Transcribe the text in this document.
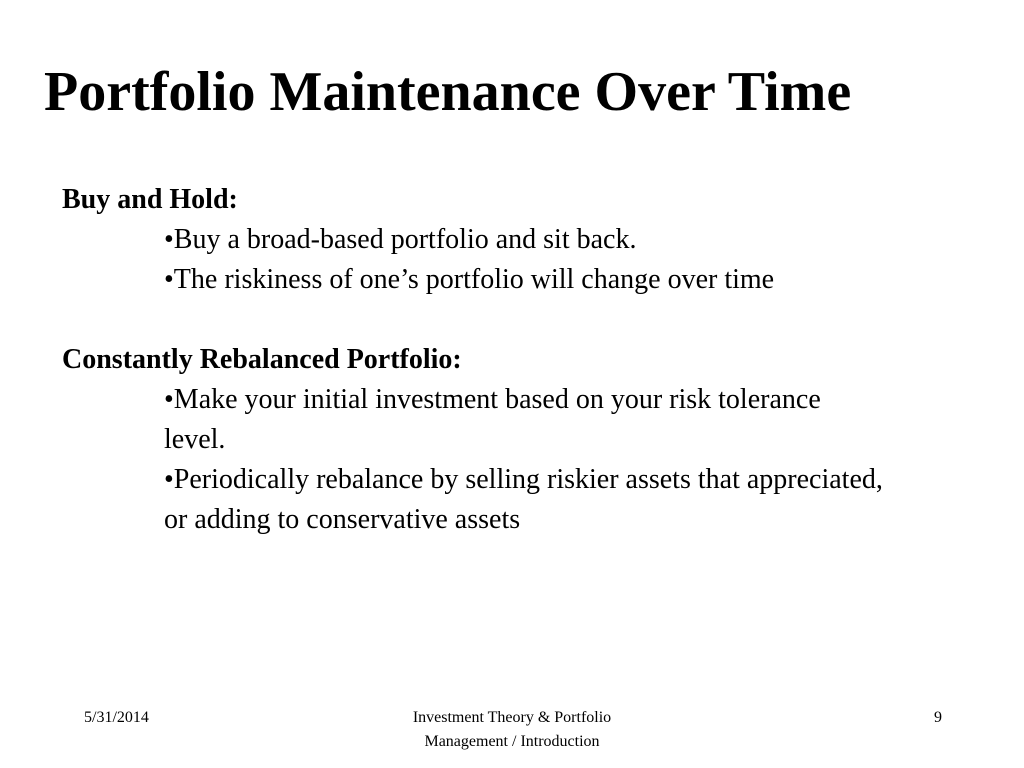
Portfolio Maintenance Over Time
Buy and Hold:
•Buy a broad-based portfolio and sit back.
•The riskiness of one’s portfolio will change over time
Constantly Rebalanced Portfolio:
•Make your initial investment based on your risk tolerance level.
•Periodically rebalance by selling riskier assets that appreciated, or adding to conservative assets
5/31/2014	Investment Theory & Portfolio
Management / Introduction
9
